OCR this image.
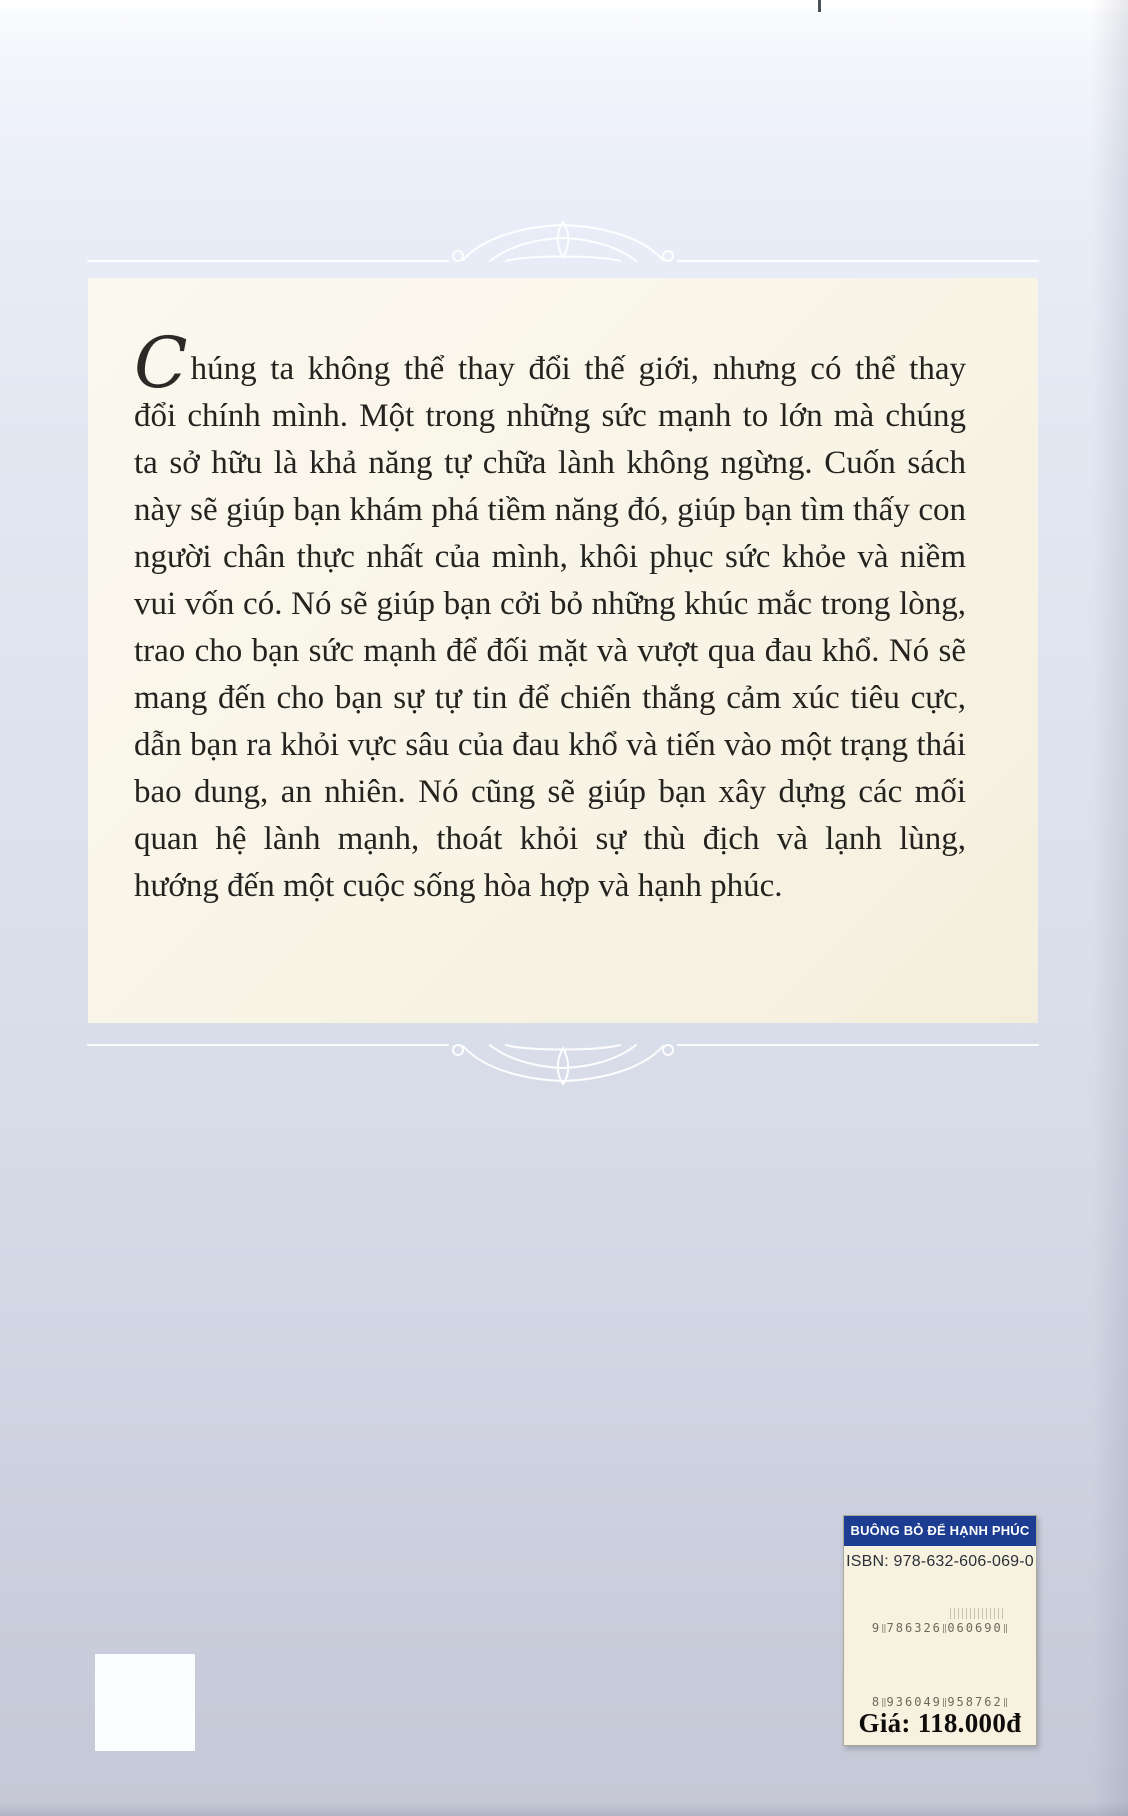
Chúng ta không thể thay đổi thế giới, nhưng có thể thay
đổi chính mình. Một trong những sức mạnh to lớn mà chúng
ta sở hữu là khả năng tự chữa lành không ngừng. Cuốn sách
này sẽ giúp bạn khám phá tiềm năng đó, giúp bạn tìm thấy con
người chân thực nhất của mình, khôi phục sức khỏe và niềm
vui vốn có. Nó sẽ giúp bạn cởi bỏ những khúc mắc trong lòng,
trao cho bạn sức mạnh để đối mặt và vượt qua đau khổ. Nó sẽ
mang đến cho bạn sự tự tin để chiến thắng cảm xúc tiêu cực,
dẫn bạn ra khỏi vực sâu của đau khổ và tiến vào một trạng thái
bao dung, an nhiên. Nó cũng sẽ giúp bạn xây dựng các mối
quan hệ lành mạnh, thoát khỏi sự thù địch và lạnh lùng,
hướng đến một cuộc sống hòa hợp và hạnh phúc.
BUÔNG BỎ ĐỂ HẠNH PHÚC
ISBN: 978-632-606-069-0
9‖786326‖060690‖
8‖936049‖958762‖
Giá: 118.000đ
